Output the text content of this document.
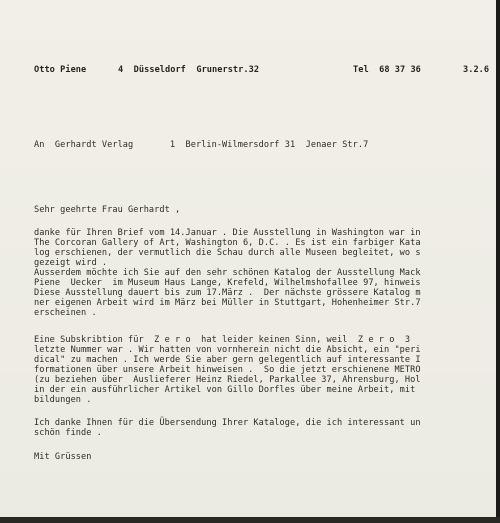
Otto Piene	4  Düsseldorf  Grunerstr.32	Tel  68 37 36	3.2.6
An  Gerhardt Verlag       1  Berlin-Wilmersdorf 31  Jenaer Str.7
Sehr geehrte Frau Gerhardt ,
danke für Ihren Brief vom 14.Januar . Die Ausstellung in Washington war in
The Corcoran Gallery of Art, Washington 6, D.C. . Es ist ein farbiger Kata
log erschienen, der vermutlich die Schau durch alle Museen begleitet, wo s
gezeigt wird .
Ausserdem möchte ich Sie auf den sehr schönen Katalog der Ausstellung Mack
Piene  Uecker  im Museum Haus Lange, Krefeld, Wilhelmshofallee 97, hinweis
Diese Ausstellung dauert bis zum 17.März .  Der nächste grössere Katalog m
ner eigenen Arbeit wird im März bei Müller in Stuttgart, Hohenheimer Str.7
erscheinen .
Eine Subskribtion für  Z e r o  hat leider keinen Sinn, weil  Z e r o  3
letzte Nummer war . Wir hatten von vornherein nicht die Absicht, ein "peri
dical" zu machen . Ich werde Sie aber gern gelegentlich auf interessante I
formationen über unsere Arbeit hinweisen .  So die jetzt erschienene METRO
(zu beziehen über  Auslieferer Heinz Riedel, Parkallee 37, Ahrensburg, Hol
in der ein ausführlicher Artikel von Gillo Dorfles über meine Arbeit, mit
bildungen .
Ich danke Ihnen für die Übersendung Ihrer Kataloge, die ich interessant un
schön finde .
Mit Grüssen
